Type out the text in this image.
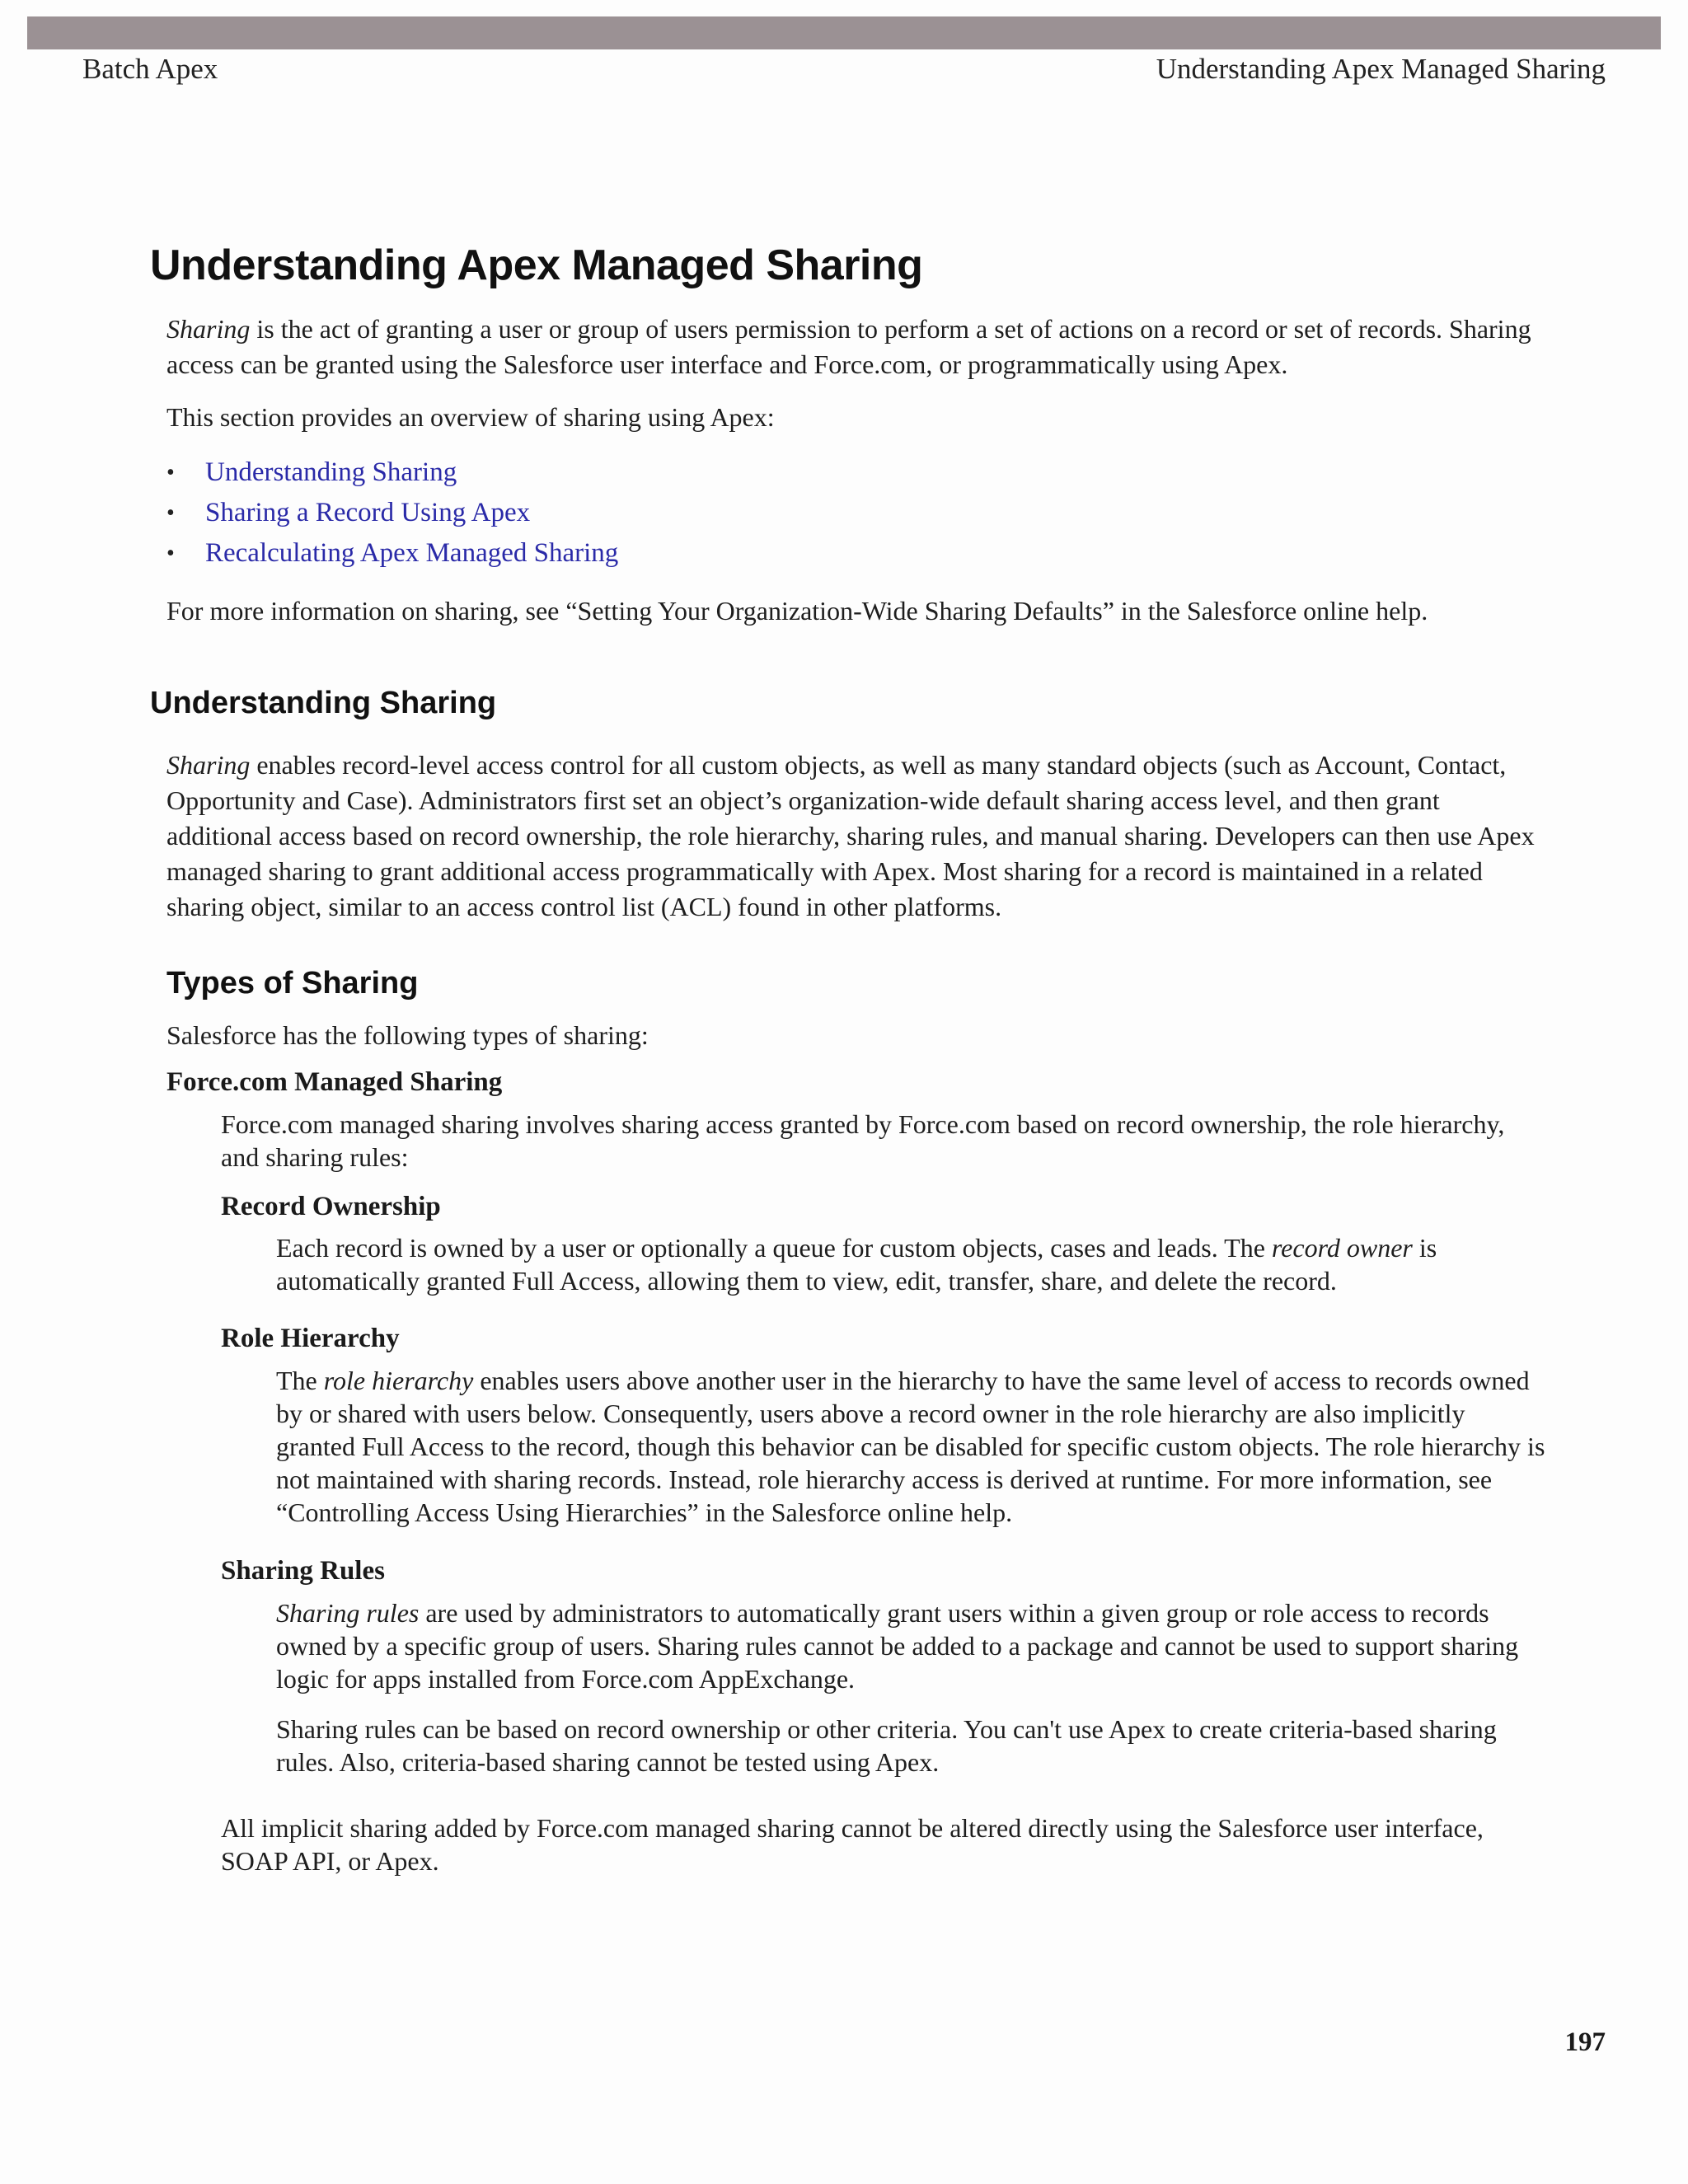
Batch Apex	Understanding Apex Managed Sharing
Understanding Apex Managed Sharing

Sharing is the act of granting a user or group of users permission to perform a set of actions on a record or set of records. Sharing access can be granted using the Salesforce user interface and Force.com, or programmatically using Apex.

This section provides an overview of sharing using Apex:

• Understanding Sharing
• Sharing a Record Using Apex
• Recalculating Apex Managed Sharing

For more information on sharing, see “Setting Your Organization-Wide Sharing Defaults” in the Salesforce online help.

Understanding Sharing

Sharing enables record-level access control for all custom objects, as well as many standard objects (such as Account, Contact, Opportunity and Case). Administrators first set an object’s organization-wide default sharing access level, and then grant additional access based on record ownership, the role hierarchy, sharing rules, and manual sharing. Developers can then use Apex managed sharing to grant additional access programmatically with Apex. Most sharing for a record is maintained in a related sharing object, similar to an access control list (ACL) found in other platforms.

Types of Sharing

Salesforce has the following types of sharing:

Force.com Managed Sharing

Force.com managed sharing involves sharing access granted by Force.com based on record ownership, the role hierarchy, and sharing rules:

Record Ownership

Each record is owned by a user or optionally a queue for custom objects, cases and leads. The record owner is automatically granted Full Access, allowing them to view, edit, transfer, share, and delete the record.

Role Hierarchy

The role hierarchy enables users above another user in the hierarchy to have the same level of access to records owned by or shared with users below. Consequently, users above a record owner in the role hierarchy are also implicitly granted Full Access to the record, though this behavior can be disabled for specific custom objects. The role hierarchy is not maintained with sharing records. Instead, role hierarchy access is derived at runtime. For more information, see “Controlling Access Using Hierarchies” in the Salesforce online help.

Sharing Rules

Sharing rules are used by administrators to automatically grant users within a given group or role access to records owned by a specific group of users. Sharing rules cannot be added to a package and cannot be used to support sharing logic for apps installed from Force.com AppExchange.

Sharing rules can be based on record ownership or other criteria. You can't use Apex to create criteria-based sharing rules. Also, criteria-based sharing cannot be tested using Apex.

All implicit sharing added by Force.com managed sharing cannot be altered directly using the Salesforce user interface, SOAP API, or Apex.

197
